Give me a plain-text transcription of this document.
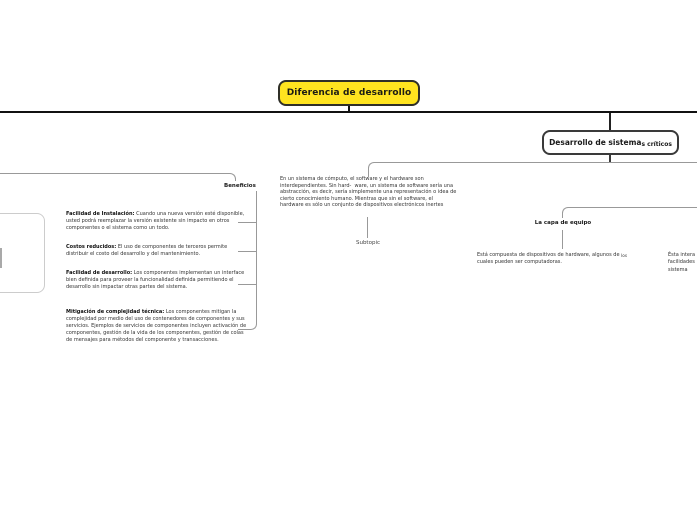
Diferencia de desarrollo
Desarrollo de sistema s críticos
Beneficios
Facilidad de Instalación: Cuando una nueva versión esté disponible, usted podrá reemplazar la versión existente sin impacto en otros componentes o el sistema como un todo.
Costos reducidos: El uso de componentes de terceros permite distribuir el costo del desarrollo y del mantenimiento.
Facilidad de desarrollo: Los componentes implementan un interface bien definida para proveer la funcionalidad definida permitiendo el desarrollo sin impactar otras partes del sistema.
Mitigación de complejidad técnica: Los componentes mitigan la complejidad por medio del uso de contenedores de componentes y sus servicios. Ejemplos de servicios de componentes incluyen activación de componentes, gestión de la vida de los componentes, gestión de colas de mensajes para métodos del componente y transacciones.
En un sistema de cómputo, el software y el hardware son interdependientes. Sin hard-  ware, un sistema de software sería una abstracción, es decir, sería simplemente una representación o idea de cierto conocimiento humano. Mientras que sin el software, el  hardware es sólo un conjunto de dispositivos electrónicos inertes
Subtopic
La capa de equipo
Está compuesta de dispositivos de hardware, algunos de $_{los}$
cuales pueden ser computadoras.
Ésta intera
facilidades
sistema
